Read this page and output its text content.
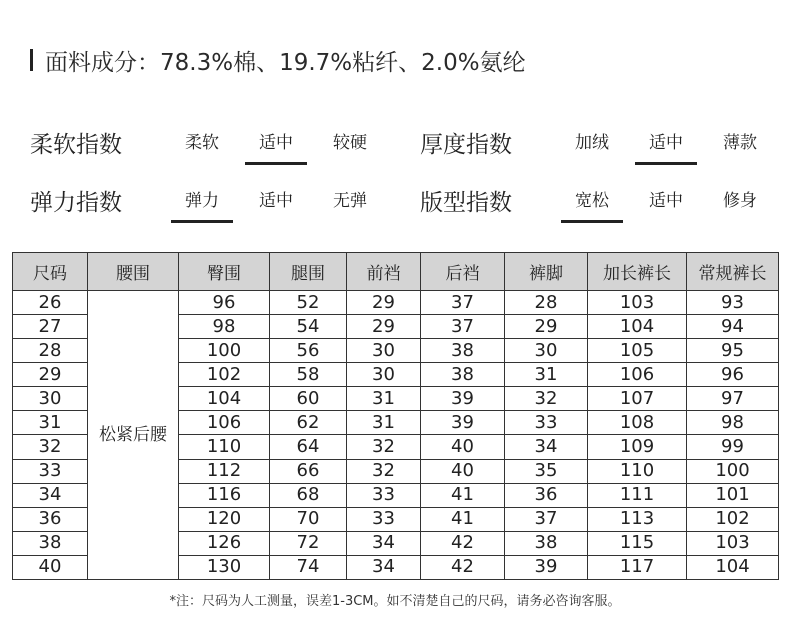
面料成分： 78.3%棉、19.7%粘纤、2.0%氨纶
柔软指数	柔软	适中	较硬	厚度指数	加绒	适中	薄款
弹力指数	弹力	适中	无弹	版型指数	宽松	适中	修身
尺码	腰围	臀围	腿围	前裆	后裆	裤脚	加长裤长	常规裤长
26	松紧后腰	96	52	29	37	28	103	93
27		98	54	29	37	29	104	94
28		100	56	30	38	30	105	95
29		102	58	30	38	31	106	96
30		104	60	31	39	32	107	97
31		106	62	31	39	33	108	98
32		110	64	32	40	34	109	99
33		112	66	32	40	35	110	100
34		116	68	33	41	36	111	101
36		120	70	33	41	37	113	102
38		126	72	34	42	38	115	103
40		130	74	34	42	39	117	104
*注：尺码为人工测量，误差1-3CM。如不清楚自己的尺码，请务必咨询客服。
